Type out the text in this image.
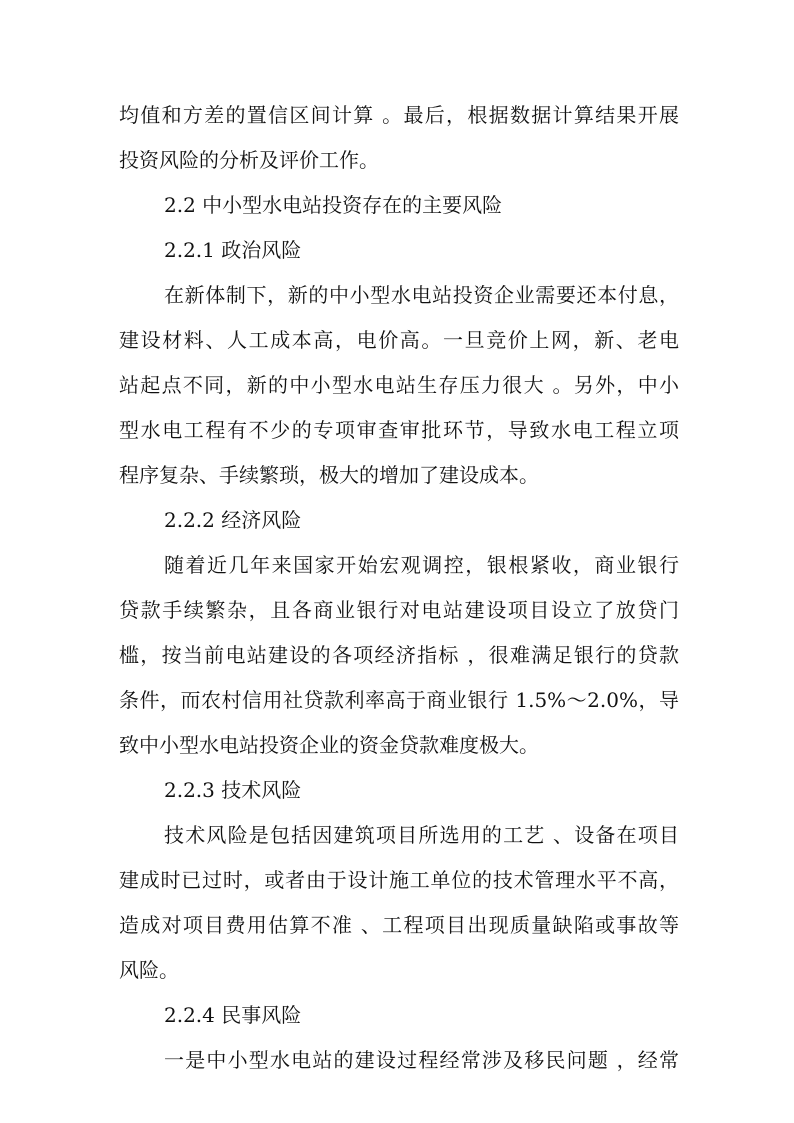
均值和方差的置信区间计算 。最后，根据数据计算结果开展
投资风险的分析及评价工作。
2.2 中小型水电站投资存在的主要风险
2.2.1 政治风险
在新体制下，新的中小型水电站投资企业需要还本付息，
建设材料、人工成本高，电价高。一旦竞价上网，新、老电
站起点不同，新的中小型水电站生存压力很大 。另外，中小
型水电工程有不少的专项审查审批环节，导致水电工程立项
程序复杂、手续繁琐，极大的增加了建设成本。
2.2.2 经济风险
随着近几年来国家开始宏观调控，银根紧收，商业银行
贷款手续繁杂，且各商业银行对电站建设项目设立了放贷门
槛，按当前电站建设的各项经济指标 ，很难满足银行的贷款
条件，而农村信用社贷款利率高于商业银行 1.5%～2.0%，导
致中小型水电站投资企业的资金贷款难度极大。
2.2.3 技术风险
技术风险是包括因建筑项目所选用的工艺 、设备在项目
建成时已过时，或者由于设计施工单位的技术管理水平不高，
造成对项目费用估算不准 、工程项目出现质量缺陷或事故等
风险。
2.2.4 民事风险
一是中小型水电站的建设过程经常涉及移民问题 ，经常
